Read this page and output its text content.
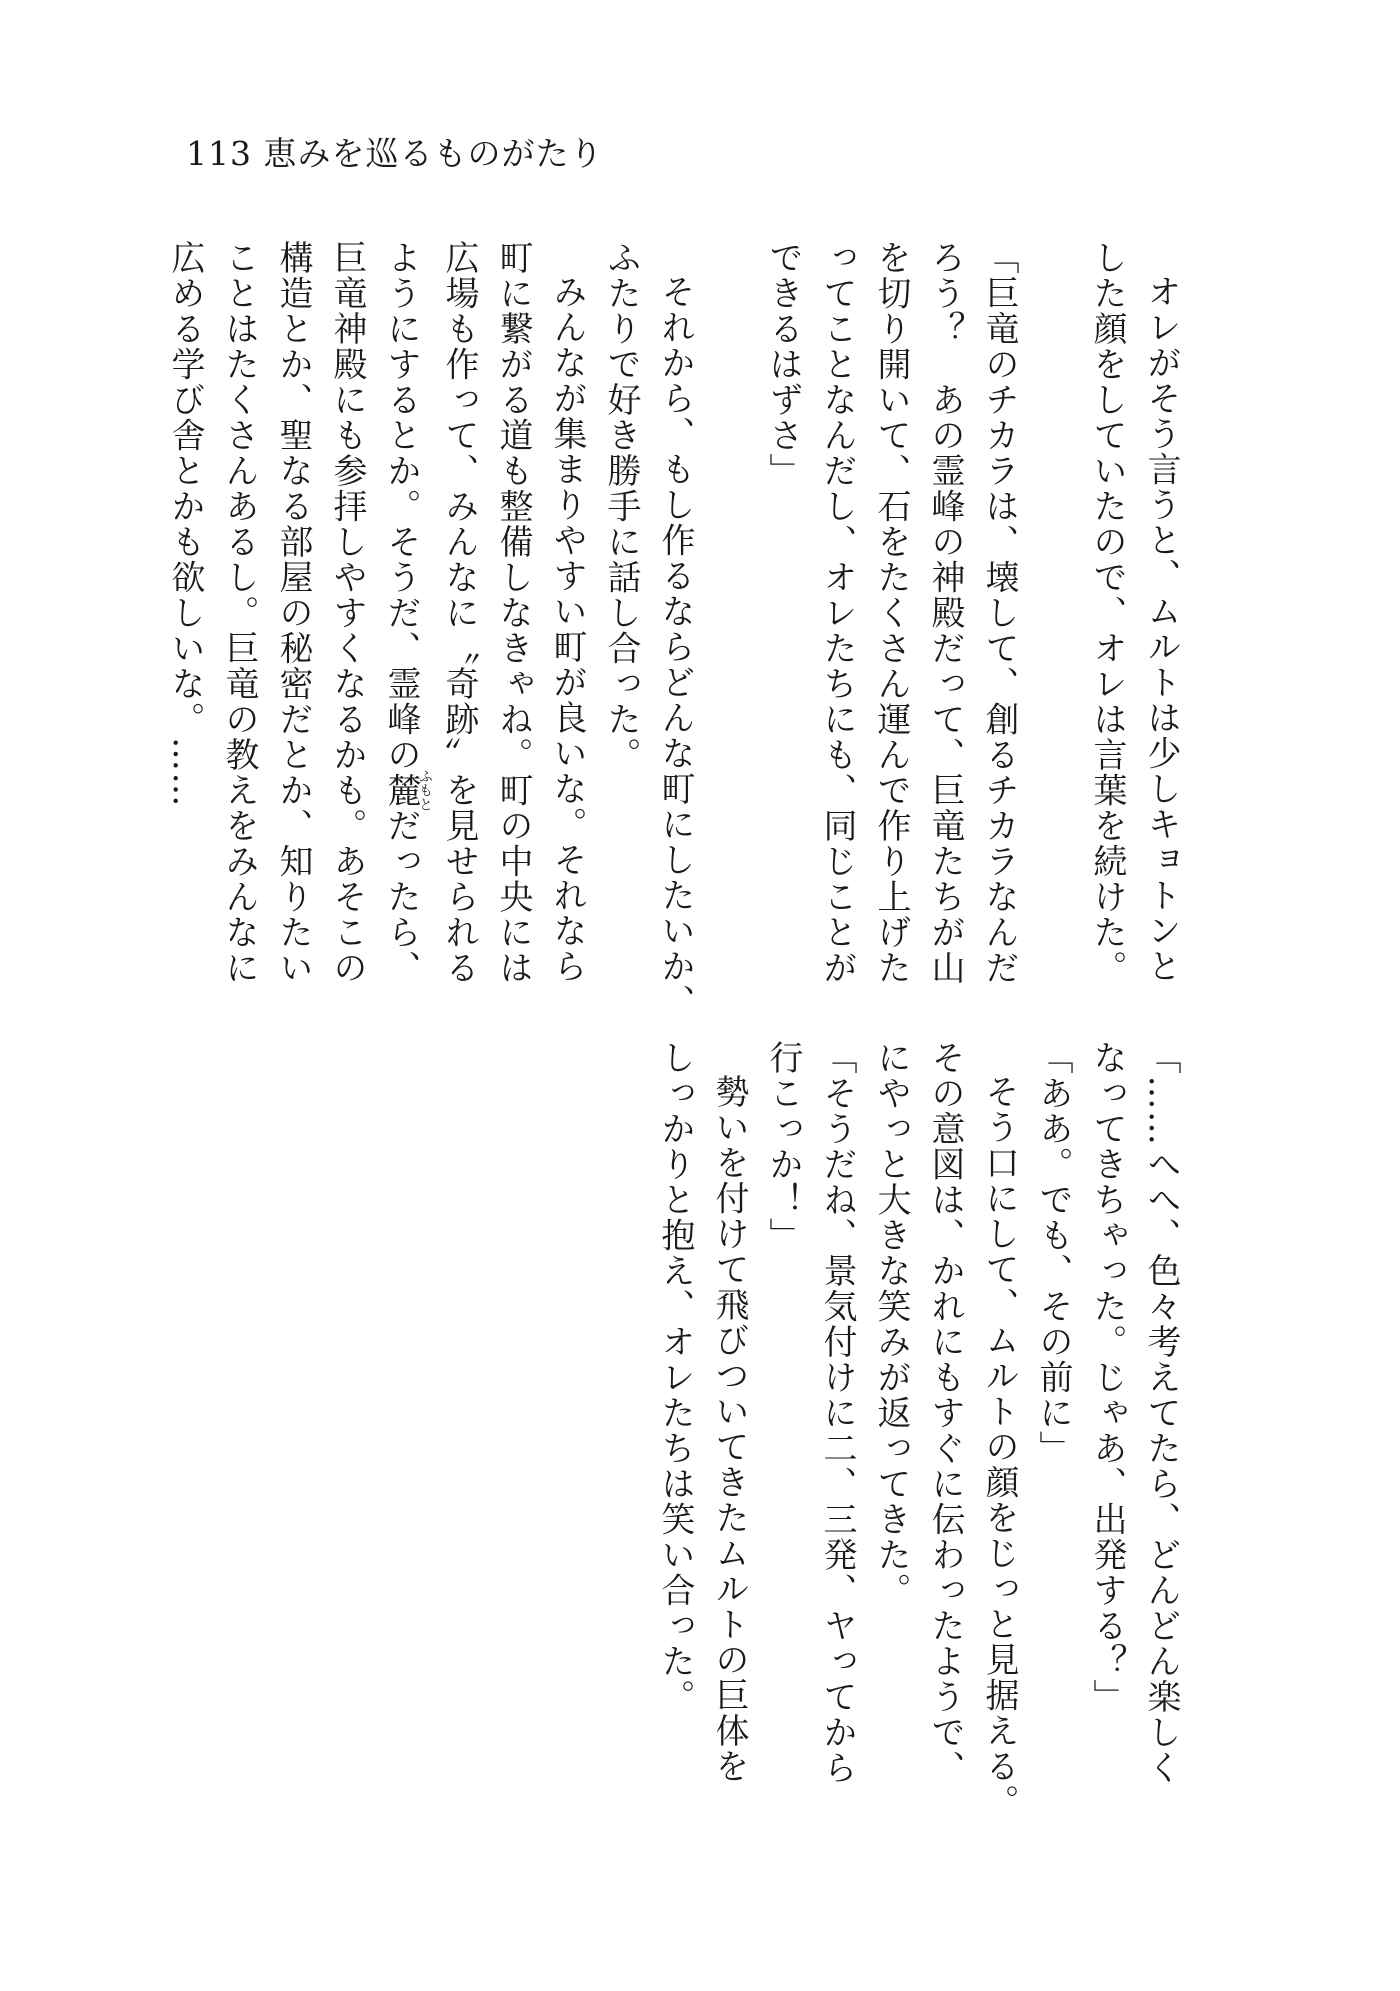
113 恵みを巡るものがたり
オレがそう言うと、ムルトは少しキョトンと
した顔をしていたので、オレは言葉を続けた。
「巨竜のチカラは、壊して、創るチカラなんだ
ろう？　あの霊峰の神殿だって、巨竜たちが山
を切り開いて、石をたくさん運んで作り上げた
ってことなんだし、オレたちにも、同じことが
できるはずさ」
それから、もし作るならどんな町にしたいか、
ふたりで好き勝手に話し合った。
みんなが集まりやすい町が良いな。それなら
町に繋がる道も整備しなきゃね。町の中央には
広場も作って、みんなに〝奇跡〟を見せられる
ようにするとか。そうだ、霊峰の麓ふもとだったら、
巨竜神殿にも参拝しやすくなるかも。あそこの
構造とか、聖なる部屋の秘密だとか、知りたい
ことはたくさんあるし。巨竜の教えをみんなに
広める学び舎とかも欲しいな。……
「……へへ、色々考えてたら、どんどん楽しく
なってきちゃった。じゃあ、出発する？」
「ああ。でも、その前に」
そう口にして、ムルトの顔をじっと見据える。
その意図は、かれにもすぐに伝わったようで、
にやっと大きな笑みが返ってきた。
「そうだね、景気付けに二、三発、ヤってから
行こっか！」
勢いを付けて飛びついてきたムルトの巨体を
しっかりと抱え、オレたちは笑い合った。
